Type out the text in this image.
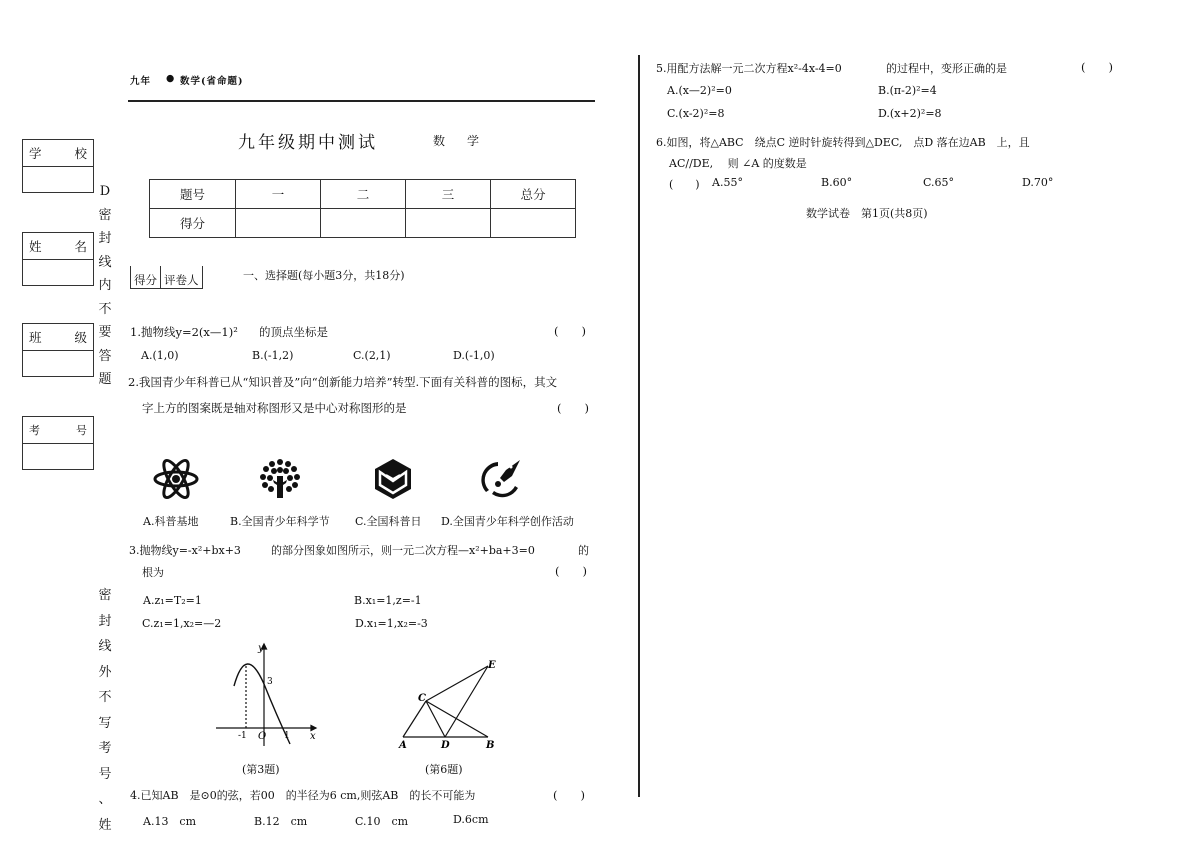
九年 ● 数学(省命题)
九年级期中测试	数学
题号	一	二	三	总分
得分				
学	校
姓	名
班	级
考	号
D
密
封
线
内
不
要
答
题
密
封
线
外
不
写
考
号
、
姓
得分 评卷人	一、选择题(每小题3分，共18分)
1.抛物线y=2(x—1)² 的顶点坐标是	(　　)
A.(1,0)	B.(-1,2)	C.(2,1)	D.(-1,0)
2.我国青少年科普已从“知识普及”向“创新能力培养”转型.下面有关科普的图标，其文
字上方的图案既是轴对称图形又是中心对称图形的是	(　　)
A.科普基地	B.全国青少年科学节 C.全国科普日 D.全国青少年科学创作活动
3.抛物线y=-x²+bx+3	的部分图象如图所示，则一元二次方程—x²+ba+3=0	的
根为	(　　)
A.z₁=T₂=1	B.x₁=1,z=-1
C.z₁=1,x₂=—2	D.x₁=1,x₂=-3
y
x
O
-1	1
3
(第3题)
A	B
C
D
E
(第6题)
4.已知AB　是⊙0的弦，若00　的半径为6 cm,则弦AB　的长不可能为	(　　)
A.13　cm	B.12　cm	C.10　cm	D.6cm
5.用配方法解一元二次方程x²-4x-4=0	的过程中，变形正确的是	(　　)
A.(x—2)²=0	B.(π-2)²=4
C.(x-2)²=8	D.(x+2)²=8
6.如图，将△ABC　绕点C 逆时针旋转得到△DEC,　点D 落在边AB　上，且
AC//DE,　 则 ∠A 的度数是
(　　) A.55°	B.60°	C.65°	D.70°
数学试卷　第1页(共8页)
